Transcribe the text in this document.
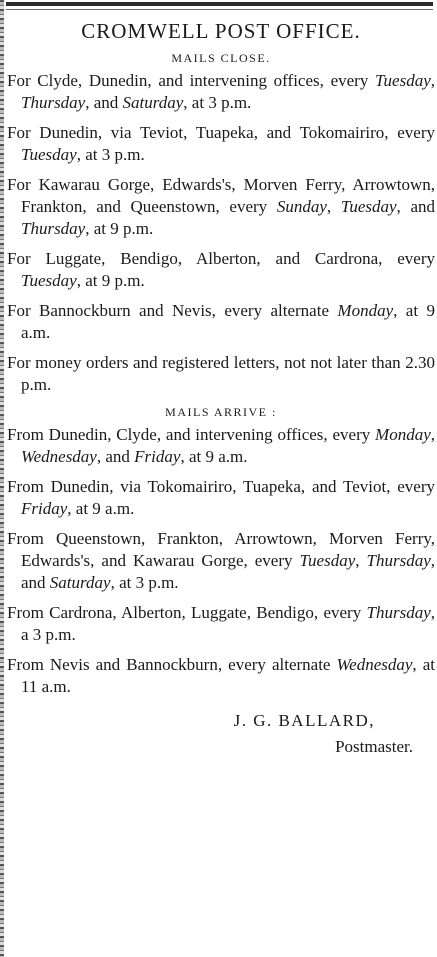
CROMWELL POST OFFICE.
MAILS CLOSE.

For Clyde, Dunedin, and intervening offices, every Tuesday, Thursday, and Saturday, at 3 p.m.

For Dunedin, via Teviot, Tuapeka, and Tokomairiro, every Tuesday, at 3 p.m.

For Kawarau Gorge, Edwards's, Morven Ferry, Arrowtown, Frankton, and Queenstown, every Sunday, Tuesday, and Thursday, at 9 p.m.

For Luggate, Bendigo, Alberton, and Cardrona, every Tuesday, at 9 p.m.

For Bannockburn and Nevis, every alternate Monday, at 9 a.m.

For money orders and registered letters, not not later than 2.30 p.m.

MAILS ARRIVE :

From Dunedin, Clyde, and intervening offices, every Monday, Wednesday, and Friday, at 9 a.m.

From Dunedin, via Tokomairiro, Tuapeka, and Teviot, every Friday, at 9 a.m.

From Queenstown, Frankton, Arrowtown, Morven Ferry, Edwards's, and Kawarau Gorge, every Tuesday, Thursday, and Saturday, at 3 p.m.

From Cardrona, Alberton, Luggate, Bendigo, every Thursday, a 3 p.m.

From Nevis and Bannockburn, every alternate Wednesday, at 11 a.m.

J. G. BALLARD,
Postmaster.
